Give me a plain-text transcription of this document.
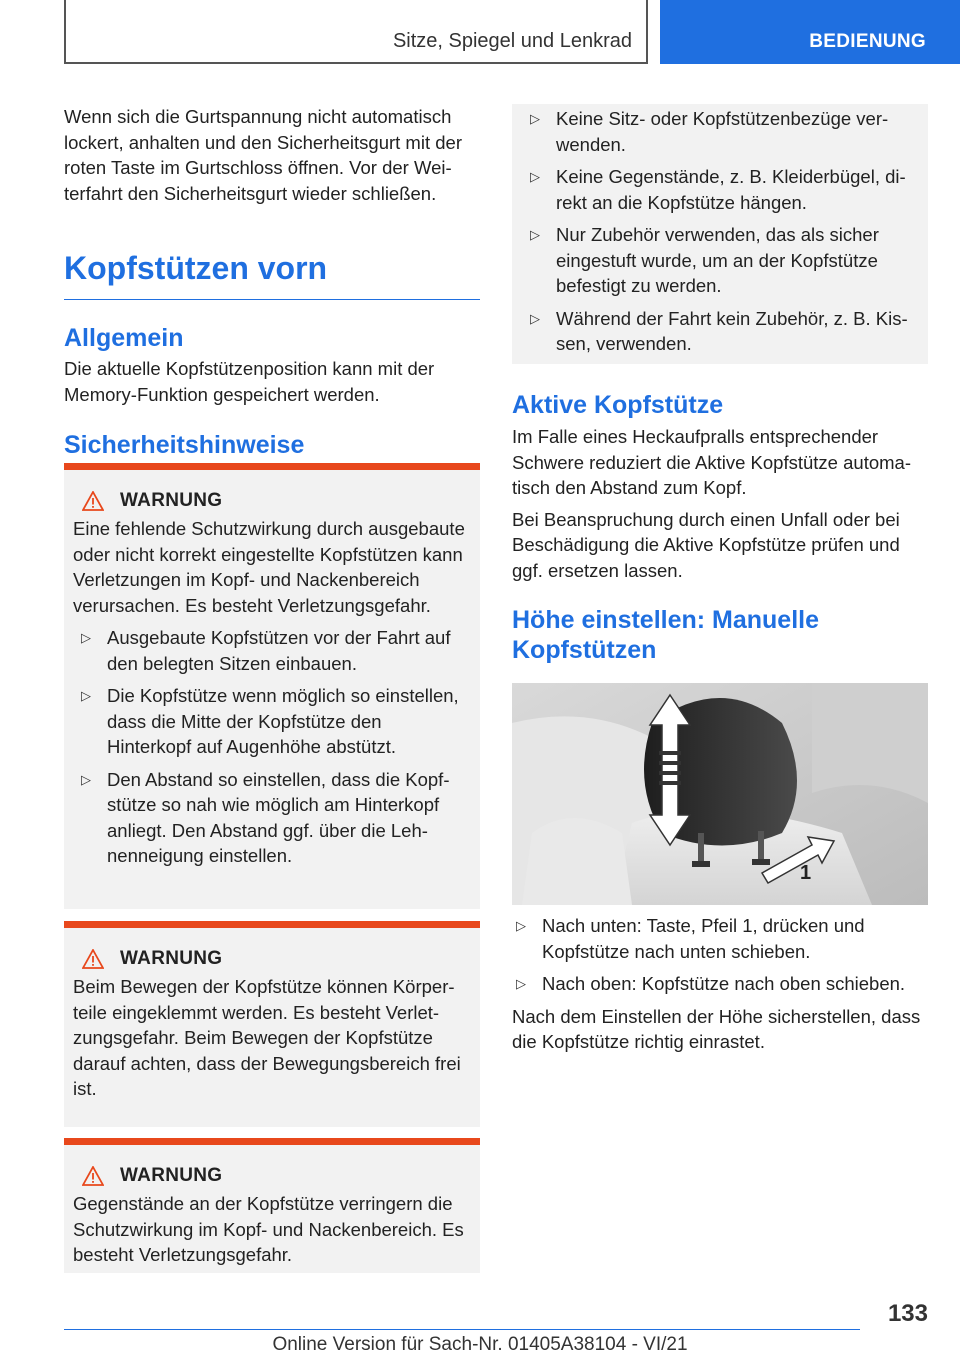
Sitze, Spiegel und Lenkrad	BEDIENUNG

Wenn sich die Gurtspannung nicht automatisch lockert, anhalten und den Sicherheitsgurt mit der roten Taste im Gurtschloss öffnen. Vor der Weiterfahrt den Sicherheitsgurt wieder schließen.

Kopfstützen vorn
Allgemein

Die aktuelle Kopfstützenposition kann mit der Memory-Funktion gespeichert werden.

Sicherheitshinweise
WARNUNG

Eine fehlende Schutzwirkung durch ausgebaute oder nicht korrekt eingestellte Kopfstützen kann Verletzungen im Kopf- und Nackenbereich verursachen. Es besteht Verletzungsgefahr.

▷ Ausgebaute Kopfstützen vor der Fahrt auf den belegten Sitzen einbauen.
▷ Die Kopfstütze wenn möglich so einstellen, dass die Mitte der Kopfstütze den Hinterkopf auf Augenhöhe abstützt.
▷ Den Abstand so einstellen, dass die Kopfstütze so nah wie möglich am Hinterkopf anliegt. Den Abstand ggf. über die Lehnenneigung einstellen.
WARNUNG

Beim Bewegen der Kopfstütze können Körperteile eingeklemmt werden. Es besteht Verletzungsgefahr. Beim Bewegen der Kopfstütze darauf achten, dass der Bewegungsbereich frei ist.

WARNUNG

Gegenstände an der Kopfstütze verringern die Schutzwirkung im Kopf- und Nackenbereich. Es besteht Verletzungsgefahr.

▷ Keine Sitz- oder Kopfstützenbezüge verwenden.
▷ Keine Gegenstände, z. B. Kleiderbügel, direkt an die Kopfstütze hängen.
▷ Nur Zubehör verwenden, das als sicher eingestuft wurde, um an der Kopfstütze befestigt zu werden.
▷ Während der Fahrt kein Zubehör, z. B. Kissen, verwenden.
Aktive Kopfstütze

Im Falle eines Heckaufpralls entsprechender Schwere reduziert die Aktive Kopfstütze automatisch den Abstand zum Kopf.

Bei Beanspruchung durch einen Unfall oder bei Beschädigung die Aktive Kopfstütze prüfen und ggf. ersetzen lassen.

Höhe einstellen: Manuelle Kopfstützen
1
▷ Nach unten: Taste, Pfeil 1, drücken und Kopfstütze nach unten schieben.
▷ Nach oben: Kopfstütze nach oben schieben.

Nach dem Einstellen der Höhe sicherstellen, dass die Kopfstütze richtig einrastet.

133
Online Version für Sach-Nr. 01405A38104 - VI/21
